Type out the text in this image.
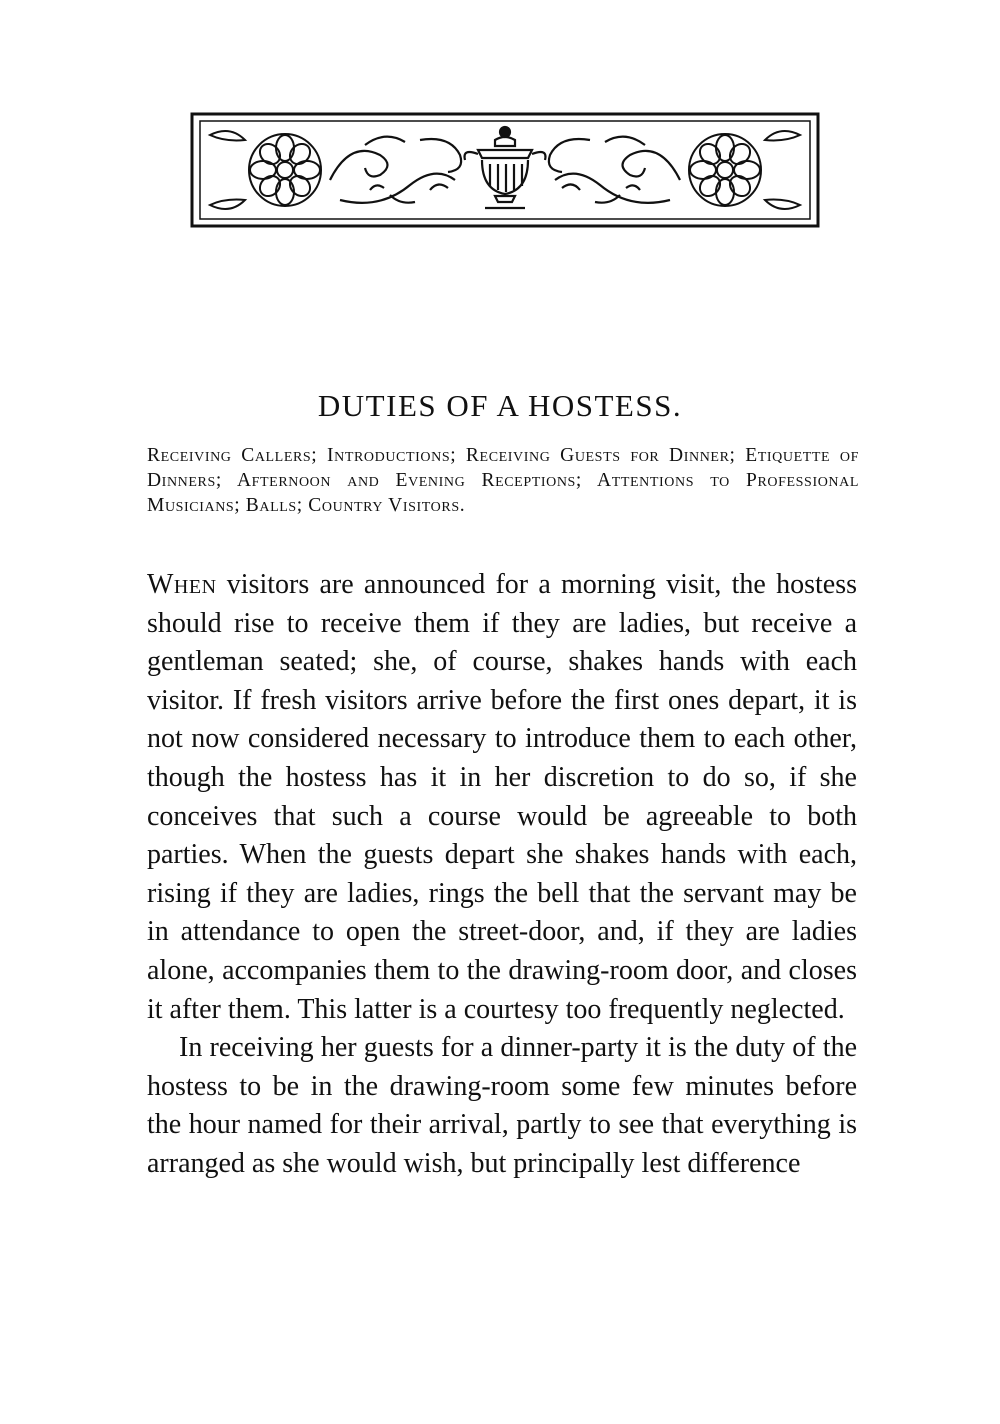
DUTIES OF A HOSTESS.

Receiving Callers; Introductions; Receiving Guests for Dinner; Etiquette of Dinners; Afternoon and Evening Receptions; Attentions to Professional Musicians; Balls; Country Visitors.

When visitors are announced for a morning visit, the hostess should rise to receive them if they are ladies, but receive a gentleman seated; she, of course, shakes hands with each visitor. If fresh visitors arrive before the first ones depart, it is not now considered necessary to introduce them to each other, though the hostess has it in her discretion to do so, if she conceives that such a course would be agreeable to both parties. When the guests depart she shakes hands with each, rising if they are ladies, rings the bell that the servant may be in attendance to open the street-door, and, if they are ladies alone, accompanies them to the drawing-room door, and closes it after them. This latter is a courtesy too frequently neglected.

In receiving her guests for a dinner-party it is the duty of the hostess to be in the drawing-room some few minutes before the hour named for their arrival, partly to see that everything is arranged as she would wish, but principally lest difference
